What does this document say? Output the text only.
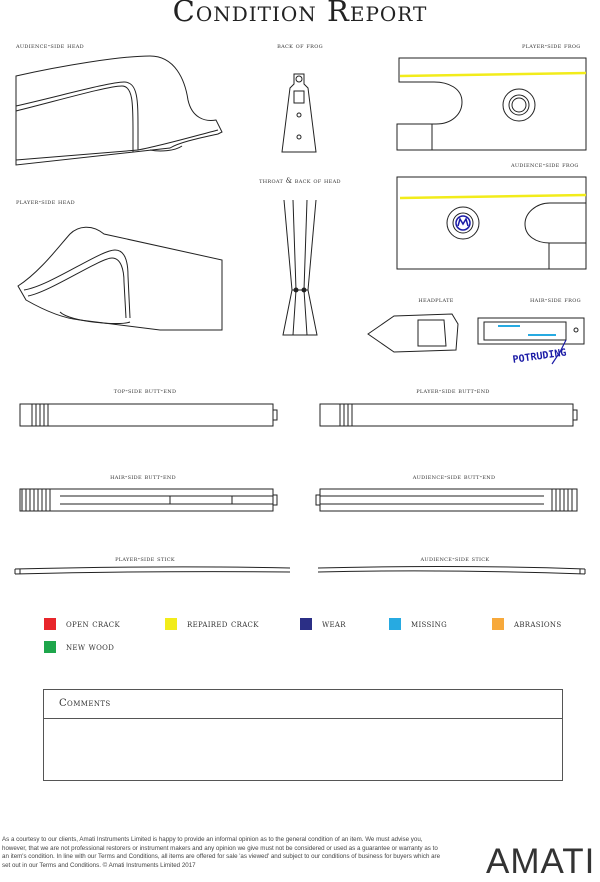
Condition Report
audience-side head	back of frog	player-side frog
audience-side frog
throat & back of head
player-side head
headplate	hair-side frog
top-side butt-end	player-side butt-end
hair-side butt-end	audience-side butt-end
player-side stick	audience-side stick
POTRUDING
open crack	repaired crack	wear	missing	abrasions
new wood
Comments
As a courtesy to our clients, Amati Instruments Limited is happy to provide an informal opinion as to the general condition of an item. We must advise you, however, that we are not professional restorers or instrument makers and any opinion we give must not be considered or used as a guarantee or warranty as to an item's condition. In line with our Terms and Conditions, all items are offered for sale 'as viewed' and subject to our conditions of business for buyers which are set out in our Terms and Conditions. © Amati Instruments Limited 2017	AMATI
